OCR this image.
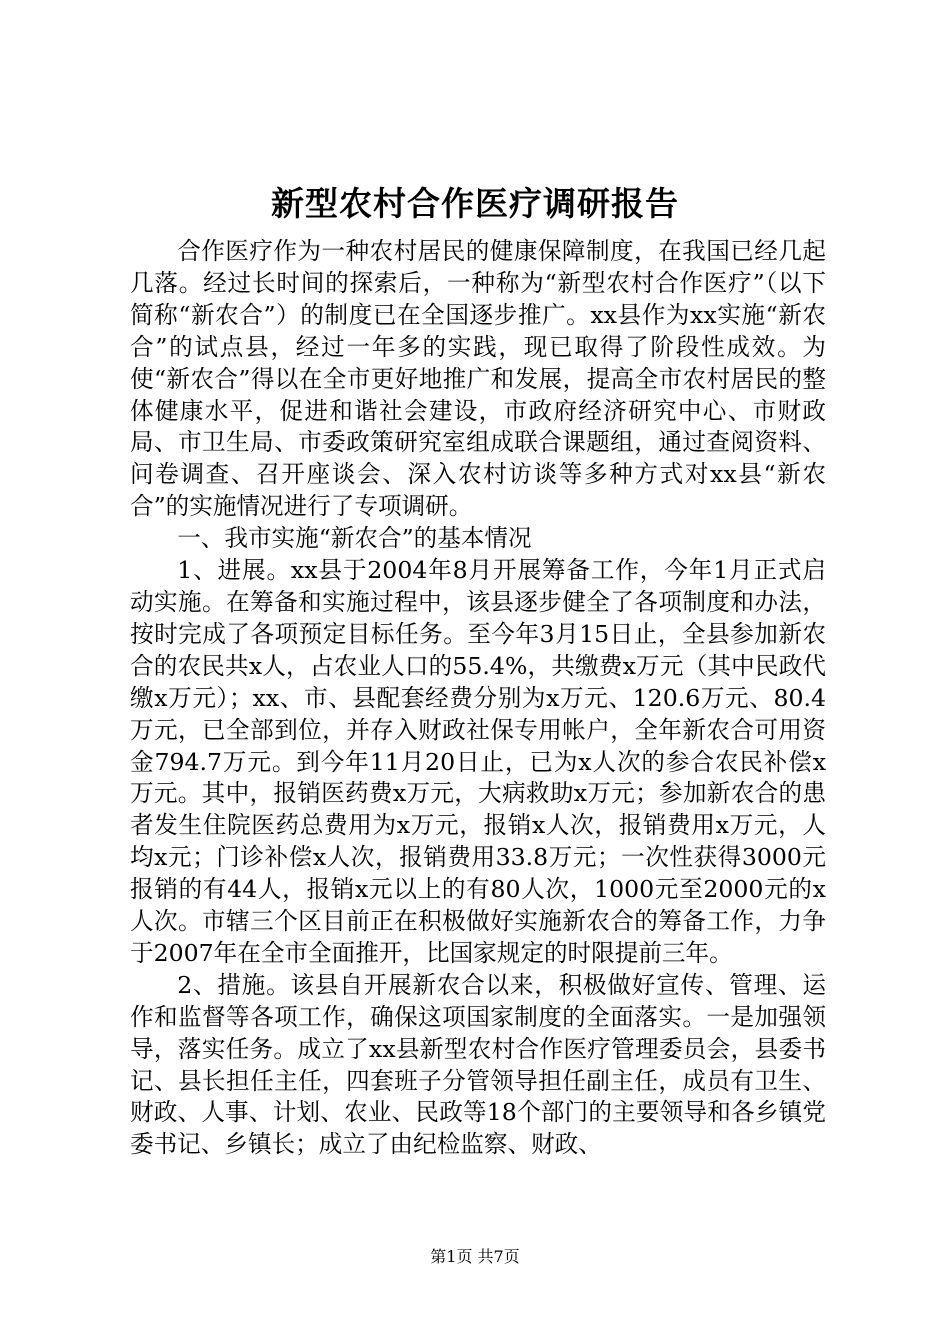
新型农村合作医疗调研报告

合作医疗作为一种农村居民的健康保障制度，在我国已经几起几落。经过长时间的探索后，一种称为“新型农村合作医疗”（以下简称“新农合”）的制度已在全国逐步推广。xx县作为xx实施“新农合”的试点县，经过一年多的实践，现已取得了阶段性成效。为使“新农合”得以在全市更好地推广和发展，提高全市农村居民的整体健康水平，促进和谐社会建设，市政府经济研究中心、市财政局、市卫生局、市委政策研究室组成联合课题组，通过查阅资料、问卷调查、召开座谈会、深入农村访谈等多种方式对xx县“新农合”的实施情况进行了专项调研。

一、我市实施“新农合”的基本情况

1、进展。xx县于2004年8月开展筹备工作，今年1月正式启动实施。在筹备和实施过程中，该县逐步健全了各项制度和办法，按时完成了各项预定目标任务。至今年3月15日止，全县参加新农合的农民共x人，占农业人口的55.4%，共缴费x万元（其中民政代缴x万元）；xx、市、县配套经费分别为x万元、120.6万元、80.4万元，已全部到位，并存入财政社保专用帐户，全年新农合可用资金794.7万元。到今年11月20日止，已为x人次的参合农民补偿x万元。其中，报销医药费x万元，大病救助x万元；参加新农合的患者发生住院医药总费用为x万元，报销x人次，报销费用x万元，人均x元；门诊补偿x人次，报销费用33.8万元；一次性获得3000元报销的有44人，报销x元以上的有80人次，1000元至2000元的x人次。市辖三个区目前正在积极做好实施新农合的筹备工作，力争于2007年在全市全面推开，比国家规定的时限提前三年。

2、措施。该县自开展新农合以来，积极做好宣传、管理、运作和监督等各项工作，确保这项国家制度的全面落实。一是加强领导，落实任务。成立了xx县新型农村合作医疗管理委员会，县委书记、县长担任主任，四套班子分管领导担任副主任，成员有卫生、财政、人事、计划、农业、民政等18个部门的主要领导和各乡镇党委书记、乡镇长；成立了由纪检监察、财政、

第1页 共7页
